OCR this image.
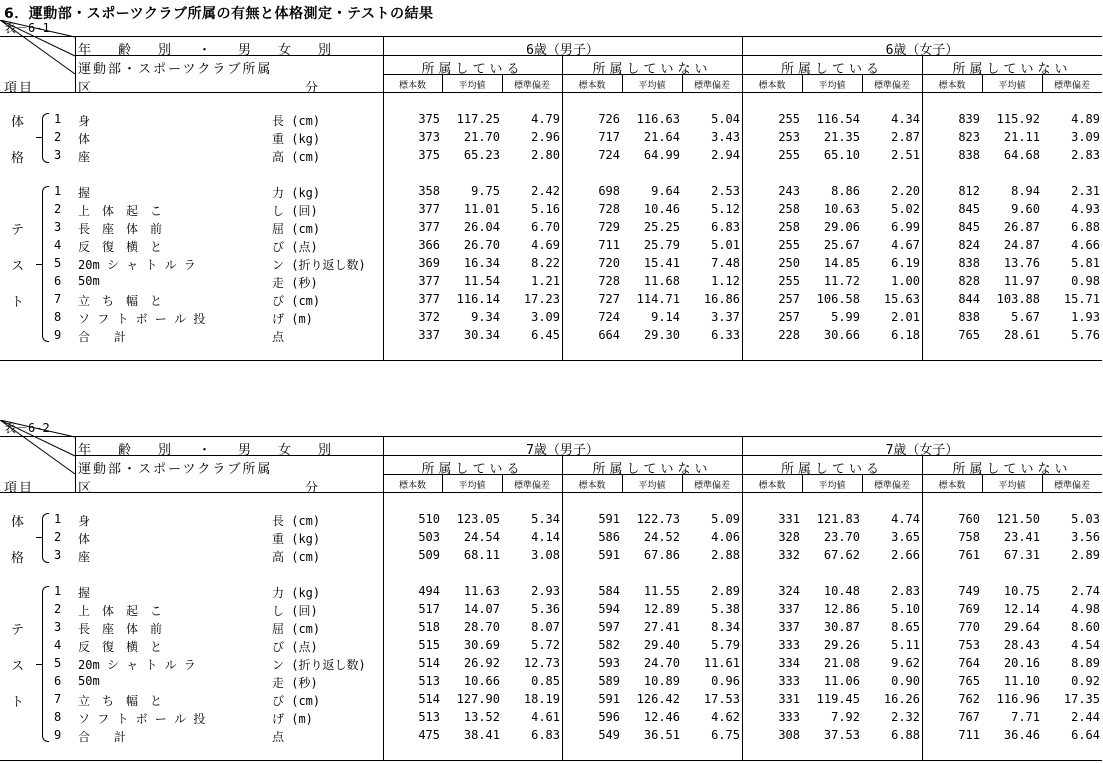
6．運動部・スポーツクラブ所属の有無と体格測定・テストの結果
表－6-1
年　齢　別　・　男　女　別
運動部・スポーツクラブ所属
項目	区	分
6歳（男子）	6歳（女子）
所属している	所属していない	所属している	所属していない
標本数	平均値	標準偏差	標本数	平均値	標準偏差	標本数	平均値	標準偏差	標本数	平均値	標準偏差
1 身	長 (cm)	375	117.25	4.79	726	116.63	5.04	255	116.54	4.34	839	115.92	4.89
2 体	重 (kg)	373	21.70	2.96	717	21.64	3.43	253	21.35	2.87	823	21.11	3.09
3 座	高 (cm)	375	65.23	2.80	724	64.99	2.94	255	65.10	2.51	838	64.68	2.83
1 握	力 (kg)	358	9.75	2.42	698	9.64	2.53	243	8.86	2.20	812	8.94	2.31
2 上　体　起　こ	し (回)	377	11.01	5.16	728	10.46	5.12	258	10.63	5.02	845	9.60	4.93
3 長　座　体　前	屈 (cm)	377	26.04	6.70	729	25.25	6.83	258	29.06	6.99	845	26.87	6.88
4 反　復　横　と	び (点)	366	26.70	4.69	711	25.79	5.01	255	25.67	4.67	824	24.87	4.66
5 20m シ ャ ト ル ラ	ン (折り返し数)	369	16.34	8.22	720	15.41	7.48	250	14.85	6.19	838	13.76	5.81
6 50m	走 (秒)	377	11.54	1.21	728	11.68	1.12	255	11.72	1.00	828	11.97	0.98
7 立　ち　幅　と	び (cm)	377	116.14	17.23	727	114.71	16.86	257	106.58	15.63	844	103.88	15.71
8 ソ フ ト ボ ー ル 投	げ (m)	372	9.34	3.09	724	9.14	3.37	257	5.99	2.01	838	5.67	1.93
9 合　　計	点	337	30.34	6.45	664	29.30	6.33	228	30.66	6.18	765	28.61	5.76
体
格
テ
ス
ト
表－6-2
年　齢　別　・　男　女　別
運動部・スポーツクラブ所属
項目	区	分
7歳（男子）	7歳（女子）
所属している	所属していない	所属している	所属していない
標本数	平均値	標準偏差	標本数	平均値	標準偏差	標本数	平均値	標準偏差	標本数	平均値	標準偏差
1 身	長 (cm)	510	123.05	5.34	591	122.73	5.09	331	121.83	4.74	760	121.50	5.03
2 体	重 (kg)	503	24.54	4.14	586	24.52	4.06	328	23.70	3.65	758	23.41	3.56
3 座	高 (cm)	509	68.11	3.08	591	67.86	2.88	332	67.62	2.66	761	67.31	2.89
1 握	力 (kg)	494	11.63	2.93	584	11.55	2.89	324	10.48	2.83	749	10.75	2.74
2 上　体　起　こ	し (回)	517	14.07	5.36	594	12.89	5.38	337	12.86	5.10	769	12.14	4.98
3 長　座　体　前	屈 (cm)	518	28.70	8.07	597	27.41	8.34	337	30.87	8.65	770	29.64	8.60
4 反　復　横　と	び (点)	515	30.69	5.72	582	29.40	5.79	333	29.26	5.11	753	28.43	4.54
5 20m シ ャ ト ル ラ	ン (折り返し数)	514	26.92	12.73	593	24.70	11.61	334	21.08	9.62	764	20.16	8.89
6 50m	走 (秒)	513	10.66	0.85	589	10.89	0.96	333	11.06	0.90	765	11.10	0.92
7 立　ち　幅　と	び (cm)	514	127.90	18.19	591	126.42	17.53	331	119.45	16.26	762	116.96	17.35
8 ソ フ ト ボ ー ル 投	げ (m)	513	13.52	4.61	596	12.46	4.62	333	7.92	2.32	767	7.71	2.44
9 合　　計	点	475	38.41	6.83	549	36.51	6.75	308	37.53	6.88	711	36.46	6.64
体
格
テ
ス
ト
